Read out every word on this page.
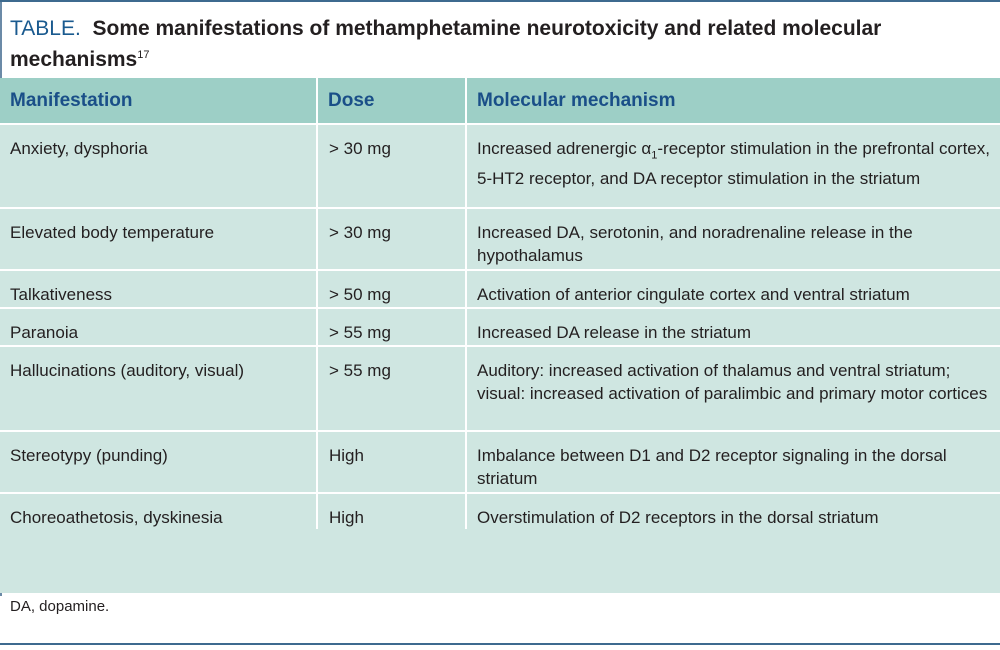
TABLE. Some manifestations of methamphetamine neurotoxicity and related molecular
mechanisms$^{17}$
Manifestation	Dose	Molecular mechanism
Anxiety, dysphoria	> 30 mg	Increased adrenergic $\alpha_1$-receptor stimulation in the prefrontal cortex, 5-HT2 receptor, and DA receptor stimulation in the striatum
Elevated body temperature	> 30 mg	Increased DA, serotonin, and noradrenaline release in the hypothalamus
Talkativeness	> 50 mg	Activation of anterior cingulate cortex and ventral striatum
Paranoia	> 55 mg	Increased DA release in the striatum
Hallucinations (auditory, visual)	> 55 mg	Auditory: increased activation of thalamus and ventral striatum; visual: increased activation of paralimbic and primary motor cortices
Stereotypy (punding)	High	Imbalance between D1 and D2 receptor signaling in the dorsal striatum
Choreoathetosis, dyskinesia	High	Overstimulation of D2 receptors in the dorsal striatum
DA, dopamine.
